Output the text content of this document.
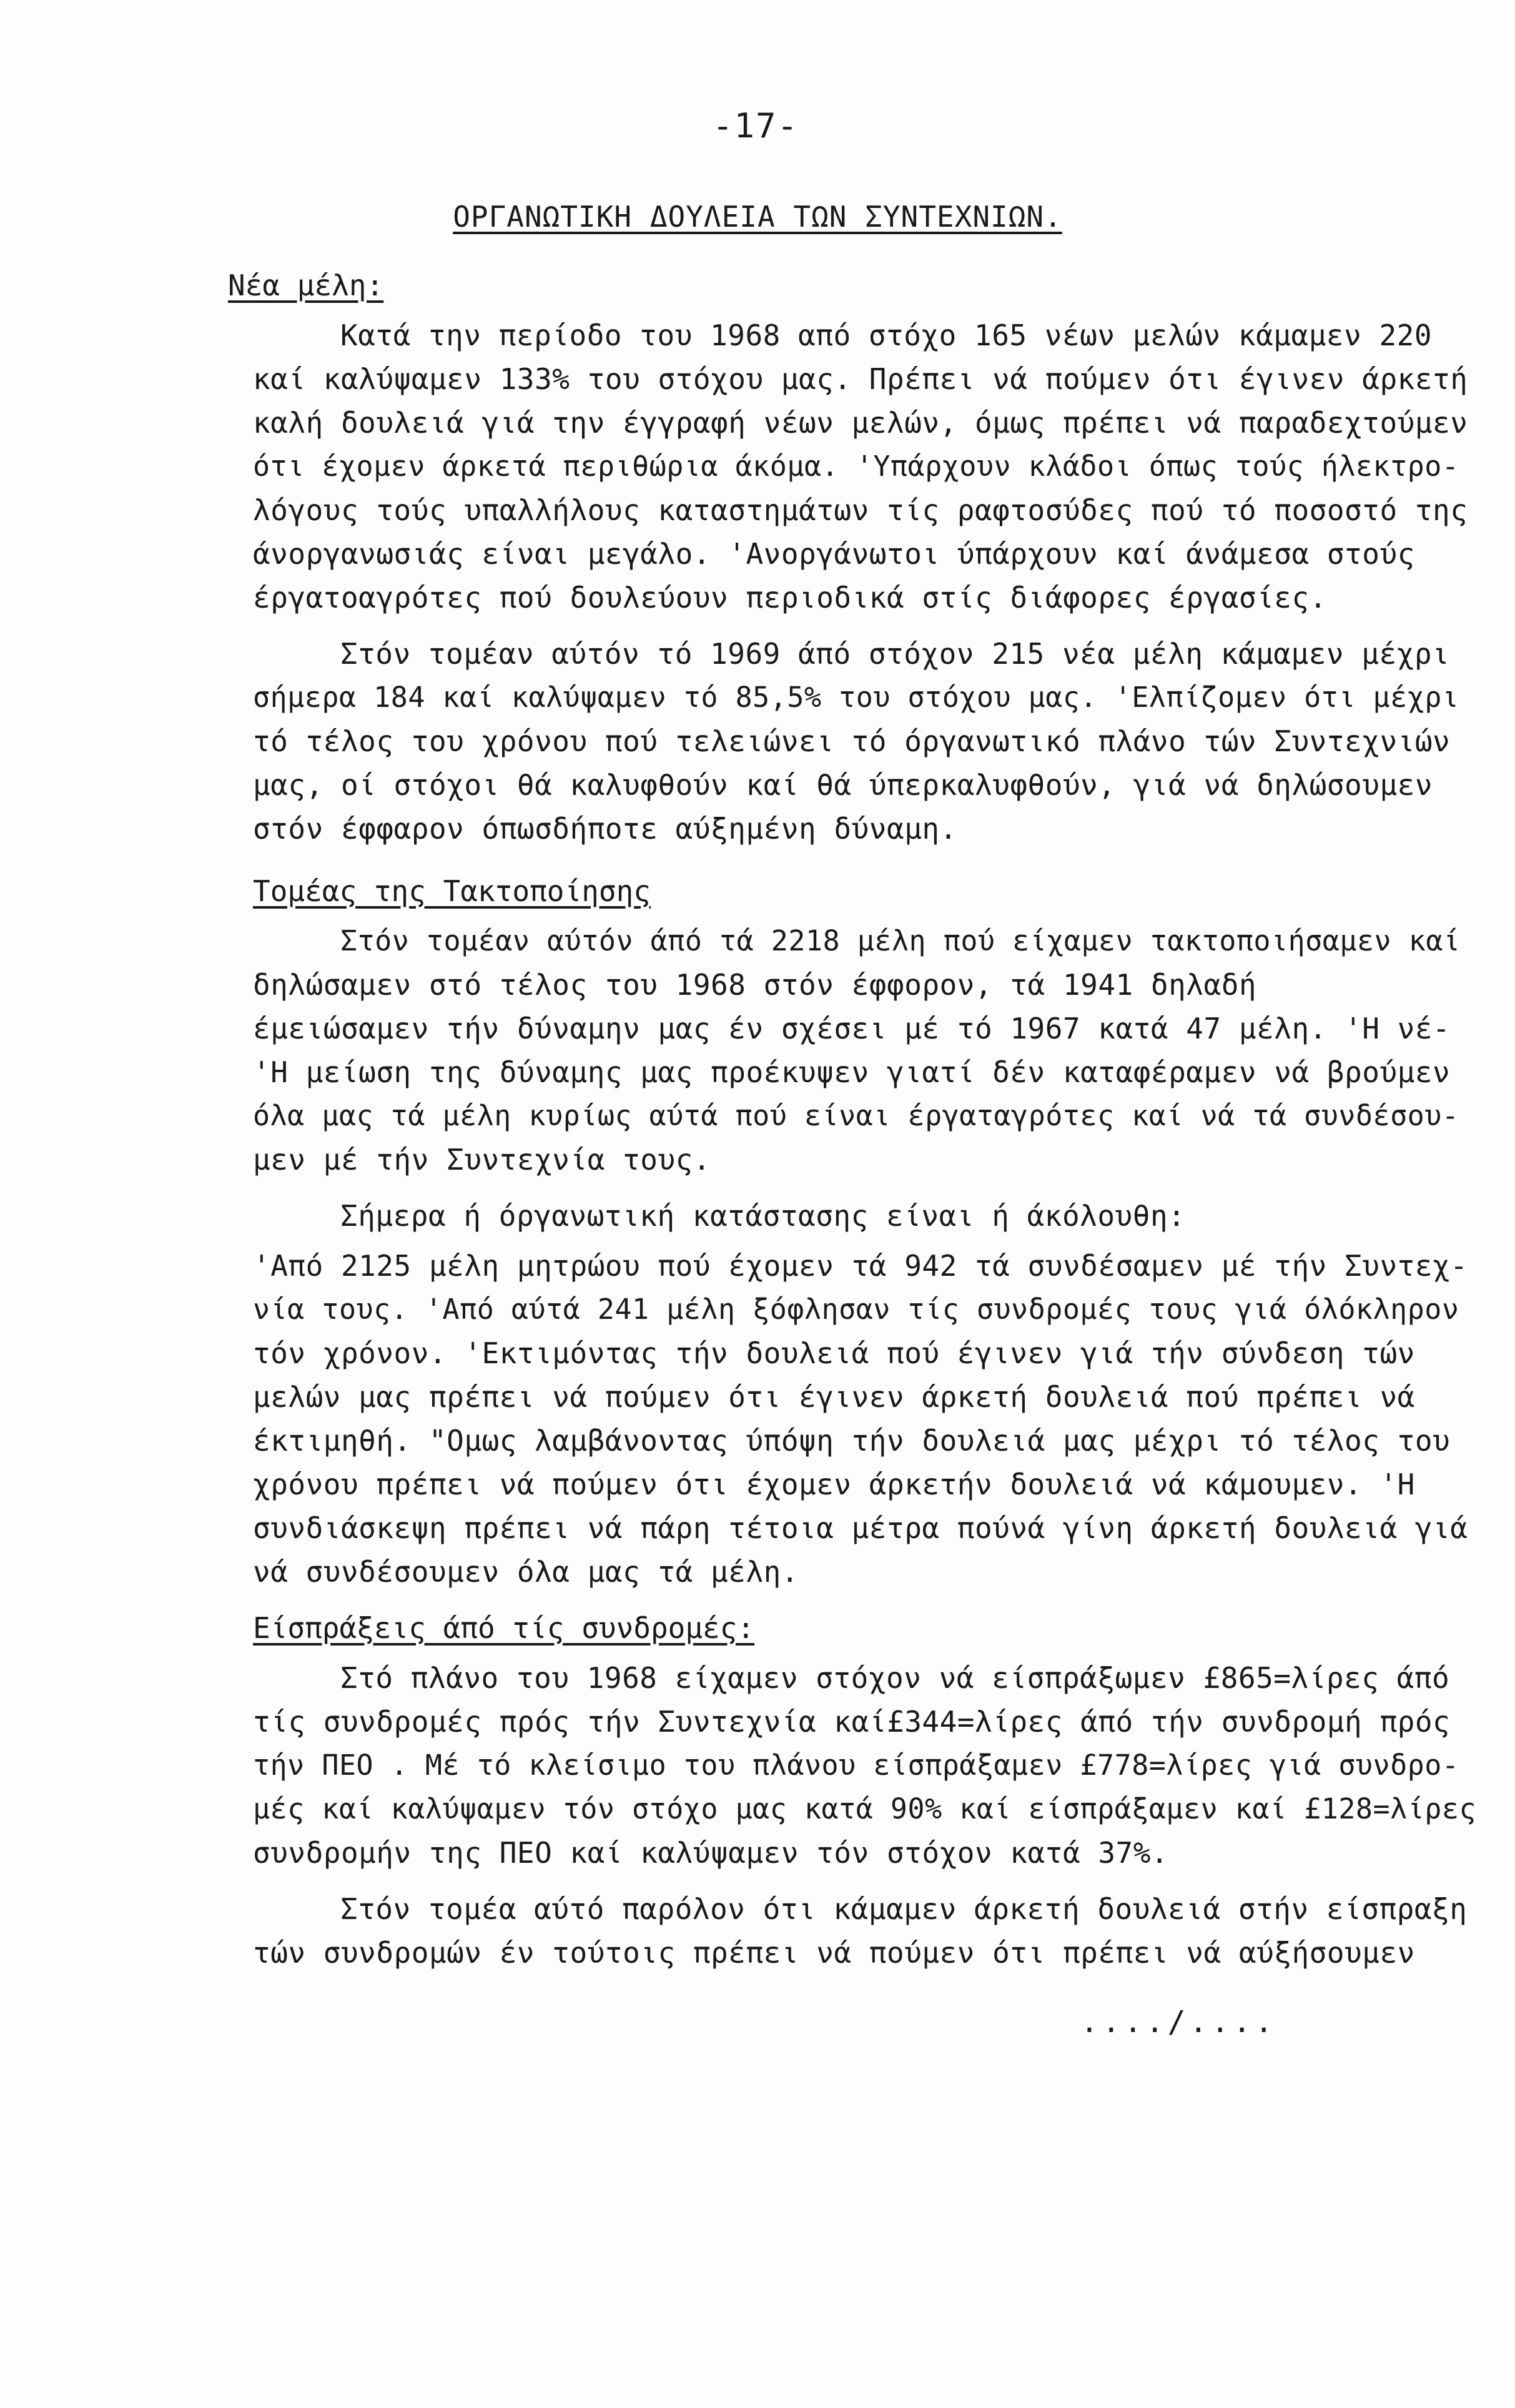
-17-
ΟΡΓΑΝΩΤΙΚΗ ΔΟΥΛΕΙΑ ΤΩΝ ΣΥΝΤΕΧΝΙΩΝ.
Νέα μέλη:
Κατά την περίοδο του 1968 από στόχο 165 νέων μελών κάμαμεν 220
καί καλύψαμεν 133% του στόχου μας. Πρέπει νά πούμεν ότι έγινεν άρκετή
καλή δουλειά γιά την έγγραφή νέων μελών, όμως πρέπει νά παραδεχτούμεν
ότι έχομεν άρκετά περιθώρια άκόμα. 'Υπάρχουν κλάδοι όπως τούς ήλεκτρο-
λόγους τούς υπαλλήλους καταστημάτων τίς ραφτοσύδες πού τό ποσοστό της
άνοργανωσιάς είναι μεγάλο. 'Ανοργάνωτοι ύπάρχουν καί άνάμεσα στούς
έργατοαγρότες πού δουλεύουν περιοδικά στίς διάφορες έργασίες.
Στόν τομέαν αύτόν τό 1969 άπό στόχον 215 νέα μέλη κάμαμεν μέχρι
σήμερα 184 καί καλύψαμεν τό 85,5% του στόχου μας. 'Ελπίζομεν ότι μέχρι
τό τέλος του χρόνου πού τελειώνει τό όργανωτικό πλάνο τών Συντεχνιών
μας, οί στόχοι θά καλυφθούν καί θά ύπερκαλυφθούν, γιά νά δηλώσουμεν
στόν έφφαρον όπωσδήποτε αύξημένη δύναμη.
Τομέας της Τακτοποίησης
Στόν τομέαν αύτόν άπό τά 2218 μέλη πού είχαμεν τακτοποιήσαμεν καί
δηλώσαμεν στό τέλος του 1968 στόν έφφορον, τά 1941 δηλαδή
έμειώσαμεν τήν δύναμην μας έν σχέσει μέ τό 1967 κατά 47 μέλη. 'Η νέ-
'Η μείωση της δύναμης μας προέκυψεν γιατί δέν καταφέραμεν νά βρούμεν
όλα μας τά μέλη κυρίως αύτά πού είναι έργαταγρότες καί νά τά συνδέσου-
μεν μέ τήν Συντεχνία τους.
Σήμερα ή όργανωτική κατάστασης είναι ή άκόλουθη:
'Από 2125 μέλη μητρώου πού έχομεν τά 942 τά συνδέσαμεν μέ τήν Συντεχ-
νία τους. 'Από αύτά 241 μέλη ξόφλησαν τίς συνδρομές τους γιά όλόκληρον
τόν χρόνον. 'Εκτιμόντας τήν δουλειά πού έγινεν γιά τήν σύνδεση τών
μελών μας πρέπει νά πούμεν ότι έγινεν άρκετή δουλειά πού πρέπει νά
έκτιμηθή. "Ομως λαμβάνοντας ύπόψη τήν δουλειά μας μέχρι τό τέλος του
χρόνου πρέπει νά πούμεν ότι έχομεν άρκετήν δουλειά νά κάμουμεν. 'Η
συνδιάσκεψη πρέπει νά πάρη τέτοια μέτρα πούνά γίνη άρκετή δουλειά γιά
νά συνδέσουμεν όλα μας τά μέλη.
Είσπράξεις άπό τίς συνδρομές:
Στό πλάνο του 1968 είχαμεν στόχον νά είσπράξωμεν £865=λίρες άπό
τίς συνδρομές πρός τήν Συντεχνία καί£344=λίρες άπό τήν συνδρομή πρός
τήν ΠΕΟ . Μέ τό κλείσιμο του πλάνου είσπράξαμεν £778=λίρες γιά συνδρο-
μές καί καλύψαμεν τόν στόχο μας κατά 90% καί είσπράξαμεν καί £128=λίρες
συνδρομήν της ΠΕΟ καί καλύψαμεν τόν στόχον κατά 37%.
Στόν τομέα αύτό παρόλον ότι κάμαμεν άρκετή δουλειά στήν είσπραξη
τών συνδρομών έν τούτοις πρέπει νά πούμεν ότι πρέπει νά αύξήσουμεν
..../....
